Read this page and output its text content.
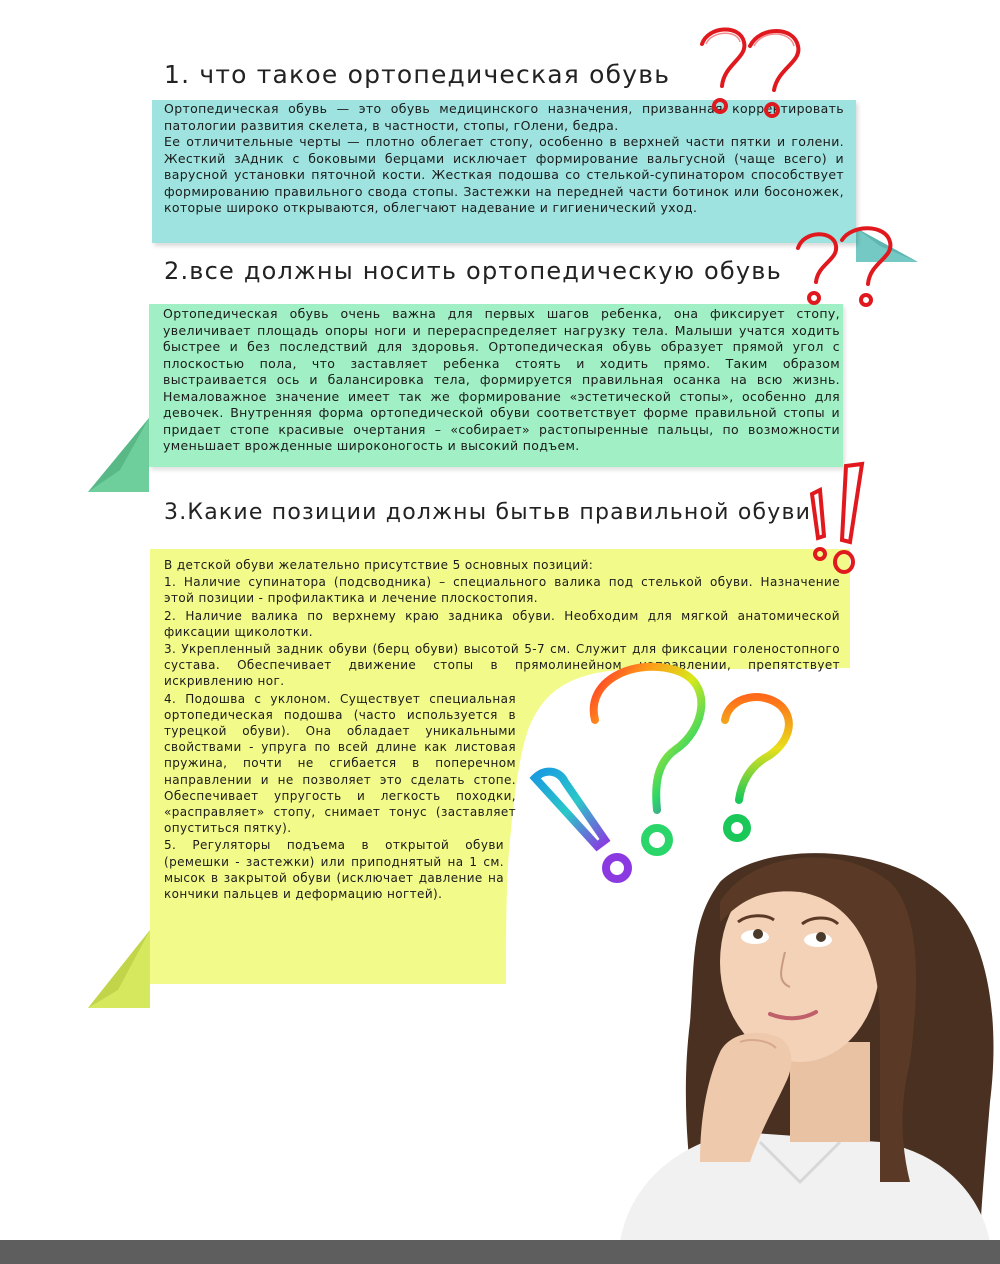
1. что такое ортопедическая обувь
2.все должны носить ортопедическую обувь
3.Какие позиции должны бытьв правильной обуви

Ортопедическая обувь — это обувь медицинского назначения, призванная корректировать патологии развития скелета, в частности, стопы, гОлени, бедра.

Ее отличительные черты — плотно облегает стопу, особенно в верхней части пятки и голени. Жесткий зАдник с боковыми берцами исключает формирование вальгусной (чаще всего) и варусной установки пяточной кости. Жесткая подошва со стелькой-супинатором способствует формированию правильного свода стопы. Застежки на передней части ботинок или босоножек, которые широко открываются, облегчают надевание и гигиенический уход.

Ортопедическая обувь очень важна для первых шагов ребенка, она фиксирует стопу, увеличивает площадь опоры ноги и перераспределяет нагрузку тела. Малыши учатся ходить быстрее и без последствий для здоровья. Ортопедическая обувь образует прямой угол с плоскостью пола, что заставляет ребенка стоять и ходить прямо. Таким образом выстраивается ось и балансировка тела, формируется правильная осанка на всю жизнь. Немаловажное значение имеет так же формирование «эстетической стопы», особенно для девочек. Внутренняя форма ортопедической обуви соответствует форме правильной стопы и придает стопе красивые очертания – «собирает» растопыренные пальцы, по возможности уменьшает врожденные широконогость и высокий подъем.

В детской обуви желательно присутствие 5 основных позиций:

1. Наличие супинатора (подсводника) – специального валика под стелькой обуви. Назначение этой позиции - профилактика и лечение плоскостопия.

2. Наличие валика по верхнему краю задника обуви. Необходим для мягкой анатомической фиксации щиколотки.

3. Укрепленный задник обуви (берц обуви) высотой 5-7 см. Служит для фиксации голеностопного сустава. Обеспечивает движение стопы в прямолинейном направлении, препятствует искривлению ног.

4. Подошва с уклоном. Существует специальная ортопедическая подошва (часто используется в турецкой обуви). Она обладает уникальными свойствами - упруга по всей длине как листовая пружина, почти не сгибается в поперечном направлении и не позволяет это сделать стопе. Обеспечивает упругость и легкость походки, «расправляет» стопу, снимает тонус (заставляет опуститься пятку).

5. Регуляторы подъема в открытой обуви (ремешки - застежки) или приподнятый на 1 см. мысок в закрытой обуви (исключает давление на кончики пальцев и деформацию ногтей).
